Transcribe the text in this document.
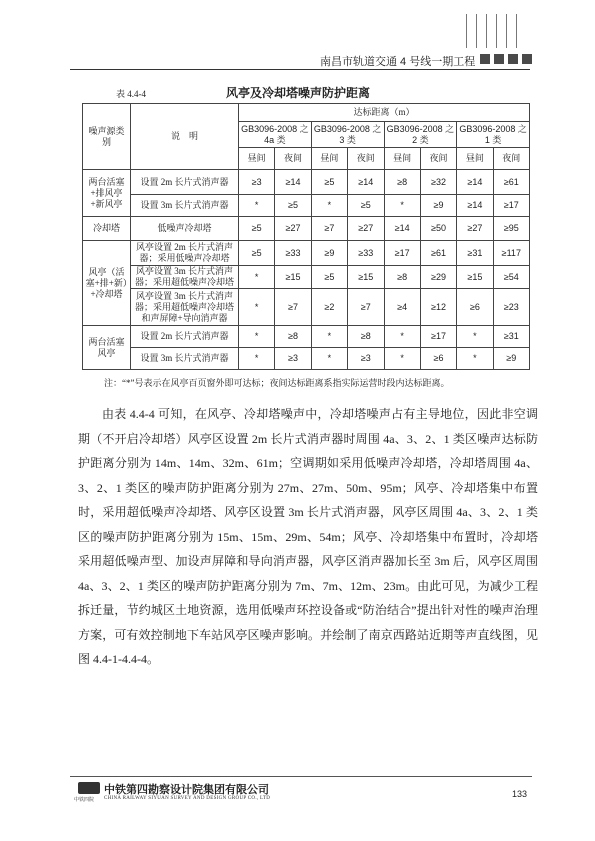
南昌市轨道交通 4 号线一期工程
表 4.4-4	风亭及冷却塔噪声防护距离
噪声源类别	说　明	达标距离（m）							
		GB3096-2008 之 4a 类		GB3096-2008 之 3 类		GB3096-2008 之 2 类		GB3096-2008 之 1 类	
		昼间	夜间	昼间	夜间	昼间	夜间	昼间	夜间
两台活塞+排风亭+新风亭	设置 2m 长片式消声器	≥3	≥14	≥5	≥14	≥8	≥32	≥14	≥61
	设置 3m 长片式消声器	*	≥5	*	≥5	*	≥9	≥14	≥17
冷却塔	低噪声冷却塔	≥5	≥27	≥7	≥27	≥14	≥50	≥27	≥95
风亭（活塞+排+新）+冷却塔	风亭设置 2m 长片式消声器；采用低噪声冷却塔	≥5	≥33	≥9	≥33	≥17	≥61	≥31	≥117
	风亭设置 3m 长片式消声器；采用超低噪声冷却塔	*	≥15	≥5	≥15	≥8	≥29	≥15	≥54
	风亭设置 3m 长片式消声器；采用超低噪声冷却塔和声屏障+导向消声器	*	≥7	≥2	≥7	≥4	≥12	≥6	≥23
两台活塞风亭	设置 2m 长片式消声器	*	≥8	*	≥8	*	≥17	*	≥31
	设置 3m 长片式消声器	*	≥3	*	≥3	*	≥6	*	≥9
注：“*”号表示在风亭百页窗外即可达标；夜间达标距离系指实际运营时段内达标距离。
由表 4.4-4 可知，在风亭、冷却塔噪声中，冷却塔噪声占有主导地位，因此非空调期（不开启冷却塔）风亭区设置 2m 长片式消声器时周围 4a、3、2、1 类区噪声达标防护距离分别为 14m、14m、32m、61m；空调期如采用低噪声冷却塔，冷却塔周围 4a、3、2、1 类区的噪声防护距离分别为 27m、27m、50m、95m；风亭、冷却塔集中布置时，采用超低噪声冷却塔、风亭区设置 3m 长片式消声器，风亭区周围 4a、3、2、1 类区的噪声防护距离分别为 15m、15m、29m、54m；风亭、冷却塔集中布置时，冷却塔采用超低噪声型、加设声屏障和导向消声器，风亭区消声器加长至 3m 后，风亭区周围 4a、3、2、1 类区的噪声防护距离分别为 7m、7m、12m、23m。由此可见，为减少工程拆迁量，节约城区土地资源，选用低噪声环控设备或“防治结合”提出针对性的噪声治理方案，可有效控制地下车站风亭区噪声影响。并绘制了南京西路站近期等声直线图，见图 4.4-1-4.4-4。
中铁四院
中铁第四勘察设计院集团有限公司
CHINA RAILWAY SIYUAN SURVEY AND DESIGN GROUP CO., LTD	133
